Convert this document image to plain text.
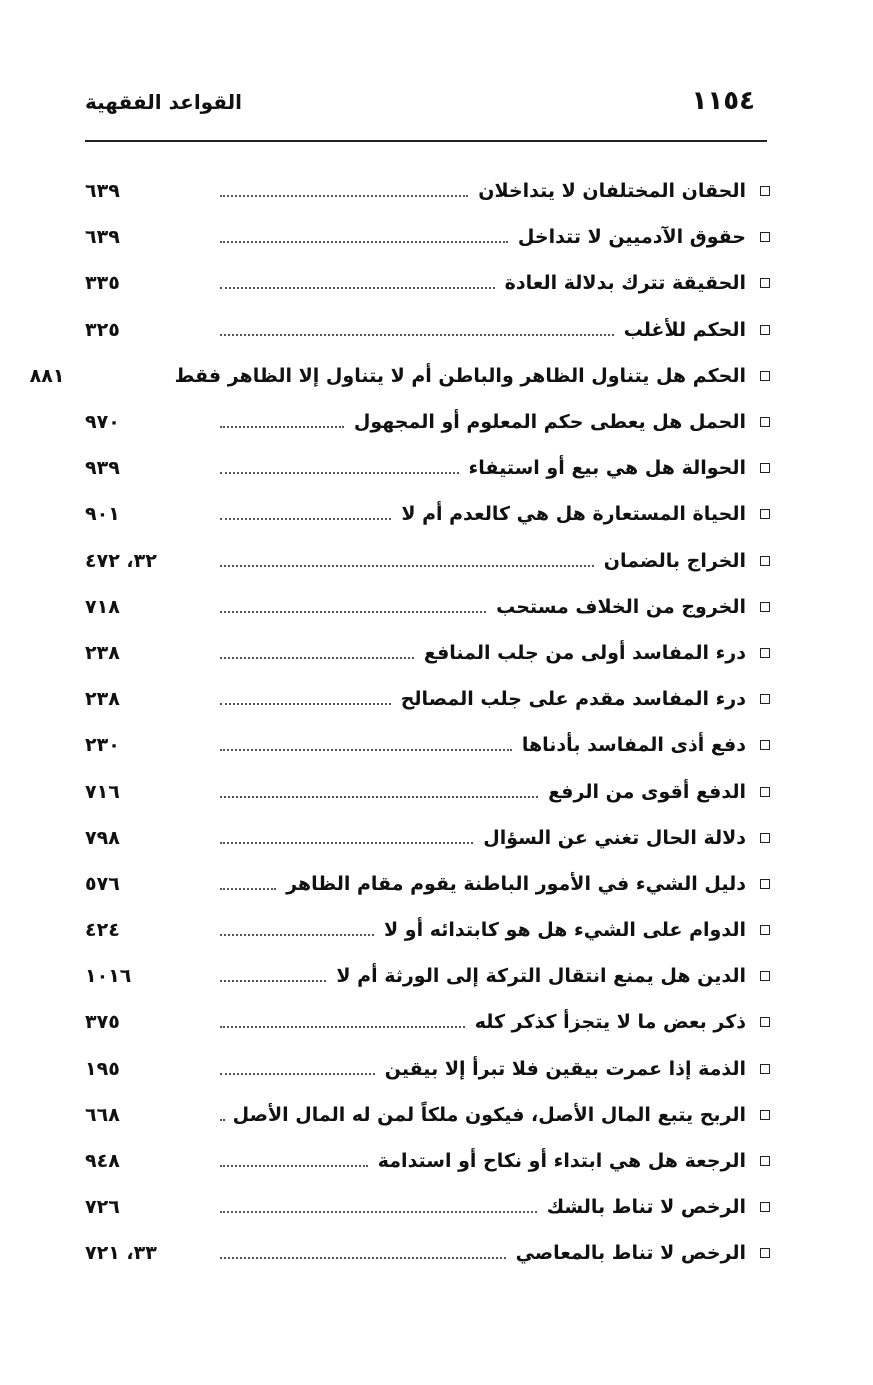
١١٥٤
القواعد الفقهية
الحقان المختلفان لا يتداخلان
٦٣٩
حقوق الآدميين لا تتداخل
٦٣٩
الحقيقة تترك بدلالة العادة
٣٣٥
الحكم للأغلب
٣٢٥
الحكم هل يتناول الظاهر والباطن أم لا يتناول إلا الظاهر فقط
٨٨١
الحمل هل يعطى حكم المعلوم أو المجهول
٩٧٠
الحوالة هل هي بيع أو استيفاء
٩٣٩
الحياة المستعارة هل هي كالعدم أم لا
٩٠١
الخراج بالضمان
٣٢، ٤٧٢
الخروج من الخلاف مستحب
٧١٨
درء المفاسد أولى من جلب المنافع
٢٣٨
درء المفاسد مقدم على جلب المصالح
٢٣٨
دفع أذى المفاسد بأدناها
٢٣٠
الدفع أقوى من الرفع
٧١٦
دلالة الحال تغني عن السؤال
٧٩٨
دليل الشيء في الأمور الباطنة يقوم مقام الظاهر
٥٧٦
الدوام على الشيء هل هو كابتدائه أو لا
٤٢٤
الدين هل يمنع انتقال التركة إلى الورثة أم لا
١٠١٦
ذكر بعض ما لا يتجزأ كذكر كله
٣٧٥
الذمة إذا عمرت بيقين فلا تبرأ إلا بيقين
١٩٥
الربح يتبع المال الأصل، فيكون ملكاً لمن له المال الأصل
٦٦٨
الرجعة هل هي ابتداء أو نكاح أو استدامة
٩٤٨
الرخص لا تناط بالشك
٧٢٦
الرخص لا تناط بالمعاصي
٣٣، ٧٢١
